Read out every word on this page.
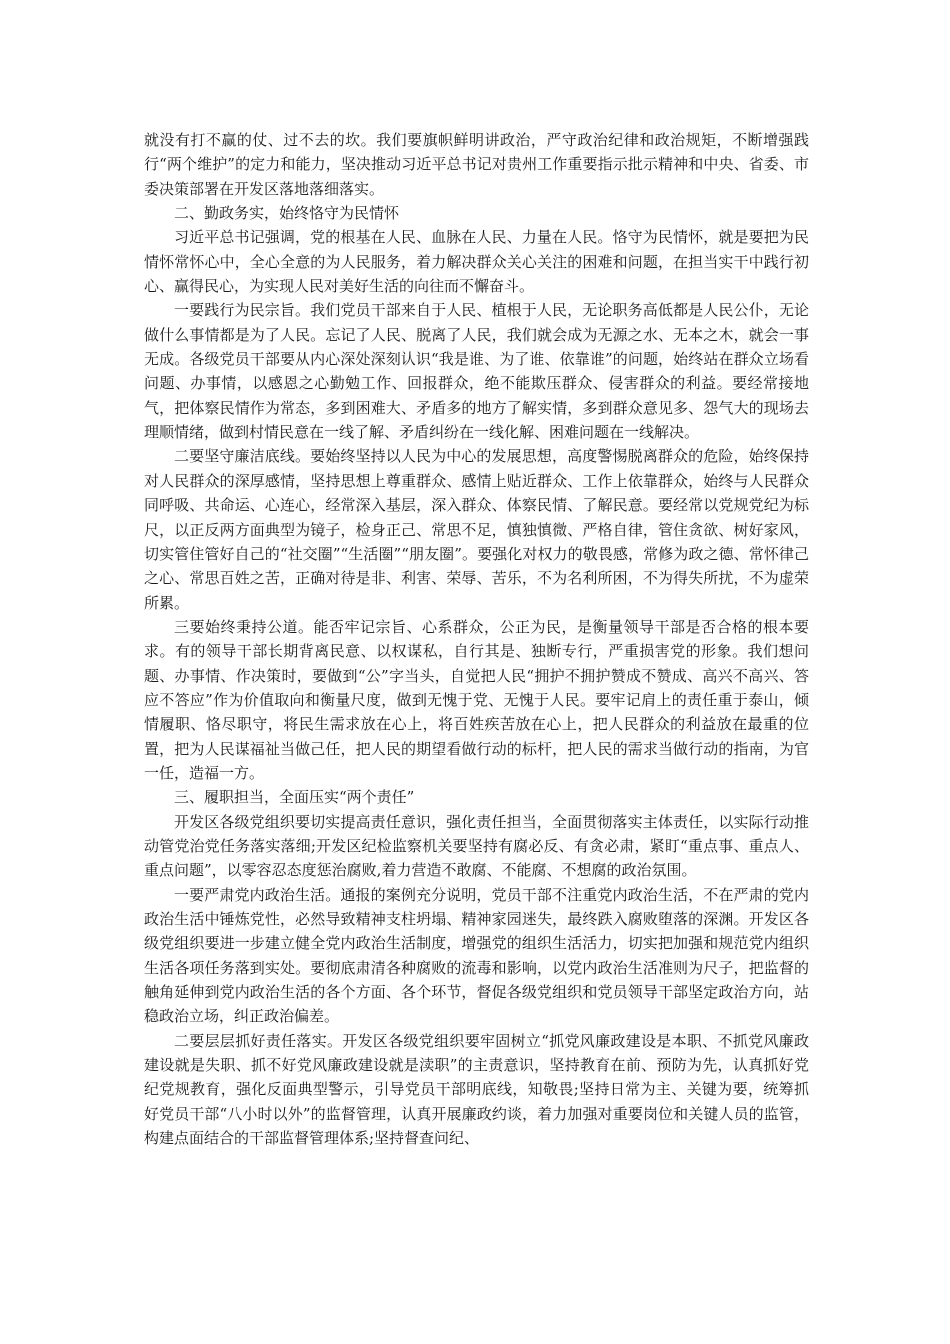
就没有打不赢的仗、过不去的坎。我们要旗帜鲜明讲政治，严守政治纪律和政治规矩，不断增强践行“两个维护”的定力和能力，坚决推动习近平总书记对贵州工作重要指示批示精神和中央、省委、市委决策部署在开发区落地落细落实。

二、勤政务实，始终恪守为民情怀

习近平总书记强调，党的根基在人民、血脉在人民、力量在人民。恪守为民情怀，就是要把为民情怀常怀心中，全心全意的为人民服务，着力解决群众关心关注的困难和问题，在担当实干中践行初心、赢得民心，为实现人民对美好生活的向往而不懈奋斗。

一要践行为民宗旨。我们党员干部来自于人民、植根于人民，无论职务高低都是人民公仆，无论做什么事情都是为了人民。忘记了人民、脱离了人民，我们就会成为无源之水、无本之木，就会一事无成。各级党员干部要从内心深处深刻认识“我是谁、为了谁、依靠谁”的问题，始终站在群众立场看问题、办事情，以感恩之心勤勉工作、回报群众，绝不能欺压群众、侵害群众的利益。要经常接地气，把体察民情作为常态，多到困难大、矛盾多的地方了解实情，多到群众意见多、怨气大的现场去理顺情绪，做到村情民意在一线了解、矛盾纠纷在一线化解、困难问题在一线解决。

二要坚守廉洁底线。要始终坚持以人民为中心的发展思想，高度警惕脱离群众的危险，始终保持对人民群众的深厚感情，坚持思想上尊重群众、感情上贴近群众、工作上依靠群众，始终与人民群众同呼吸、共命运、心连心，经常深入基层，深入群众、体察民情、了解民意。要经常以党规党纪为标尺，以正反两方面典型为镜子，检身正己、常思不足，慎独慎微、严格自律，管住贪欲、树好家风，切实管住管好自己的“社交圈”“生活圈”“朋友圈”。要强化对权力的敬畏感，常修为政之德、常怀律己之心、常思百姓之苦，正确对待是非、利害、荣辱、苦乐，不为名利所困，不为得失所扰，不为虚荣所累。

三要始终秉持公道。能否牢记宗旨、心系群众，公正为民，是衡量领导干部是否合格的根本要求。有的领导干部长期背离民意、以权谋私，自行其是、独断专行，严重损害党的形象。我们想问题、办事情、作决策时，要做到“公”字当头，自觉把人民“拥护不拥护赞成不赞成、高兴不高兴、答应不答应”作为价值取向和衡量尺度，做到无愧于党、无愧于人民。要牢记肩上的责任重于泰山，倾情履职、恪尽职守，将民生需求放在心上，将百姓疾苦放在心上，把人民群众的利益放在最重的位置，把为人民谋福祉当做己任，把人民的期望看做行动的标杆，把人民的需求当做行动的指南，为官一任，造福一方。

三、履职担当，全面压实“两个责任”

开发区各级党组织要切实提高责任意识，强化责任担当，全面贯彻落实主体责任，以实际行动推动管党治党任务落实落细;开发区纪检监察机关要坚持有腐必反、有贪必肃，紧盯“重点事、重点人、重点问题”，以零容忍态度惩治腐败,着力营造不敢腐、不能腐、不想腐的政治氛围。

一要严肃党内政治生活。通报的案例充分说明，党员干部不注重党内政治生活，不在严肃的党内政治生活中锤炼党性，必然导致精神支柱坍塌、精神家园迷失，最终跌入腐败堕落的深渊。开发区各级党组织要进一步建立健全党内政治生活制度，增强党的组织生活活力，切实把加强和规范党内组织生活各项任务落到实处。要彻底肃清各种腐败的流毒和影响，以党内政治生活准则为尺子，把监督的触角延伸到党内政治生活的各个方面、各个环节，督促各级党组织和党员领导干部坚定政治方向，站稳政治立场，纠正政治偏差。

二要层层抓好责任落实。开发区各级党组织要牢固树立“抓党风廉政建设是本职、不抓党风廉政建设就是失职、抓不好党风廉政建设就是渎职”的主责意识，坚持教育在前、预防为先，认真抓好党纪党规教育，强化反面典型警示，引导党员干部明底线，知敬畏;坚持日常为主、关键为要，统筹抓好党员干部“八小时以外”的监督管理，认真开展廉政约谈，着力加强对重要岗位和关键人员的监管，构建点面结合的干部监督管理体系;坚持督查问纪、
